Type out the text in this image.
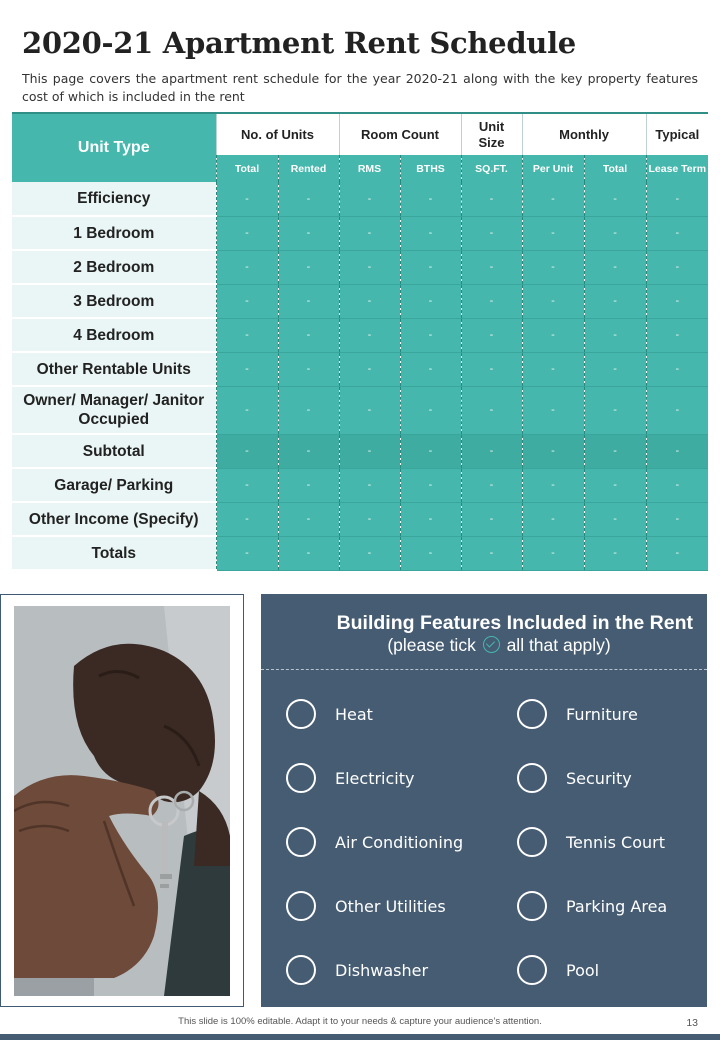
2020-21 Apartment Rent Schedule
This page covers the apartment rent schedule for the year 2020-21 along with the key property features cost of which is included in the rent
Unit Type	No. of Units		Room Count		Unit Size	Monthly		Typical
	Total	Rented	RMS	BTHS	SQ.FT.	Per Unit	Total	Lease Term
Efficiency	-	-	-	-	-	-	-	-
1 Bedroom	-	-	-	-	-	-	-	-
2 Bedroom	-	-	-	-	-	-	-	-
3 Bedroom	-	-	-	-	-	-	-	-
4 Bedroom	-	-	-	-	-	-	-	-
Other Rentable Units	-	-	-	-	-	-	-	-
Owner/ Manager/ Janitor Occupied	-	-	-	-	-	-	-	-
Subtotal	-	-	-	-	-	-	-	-
Garage/ Parking	-	-	-	-	-	-	-	-
Other Income (Specify)	-	-	-	-	-	-	-	-
Totals	-	-	-	-	-	-	-	-
Building Features Included in the Rent
(please tick all that apply)
Heat
Electricity
Air Conditioning
Other Utilities
Dishwasher
Furniture
Security
Tennis Court
Parking Area
Pool
This slide is 100% editable. Adapt it to your needs & capture your audience’s attention.	13
